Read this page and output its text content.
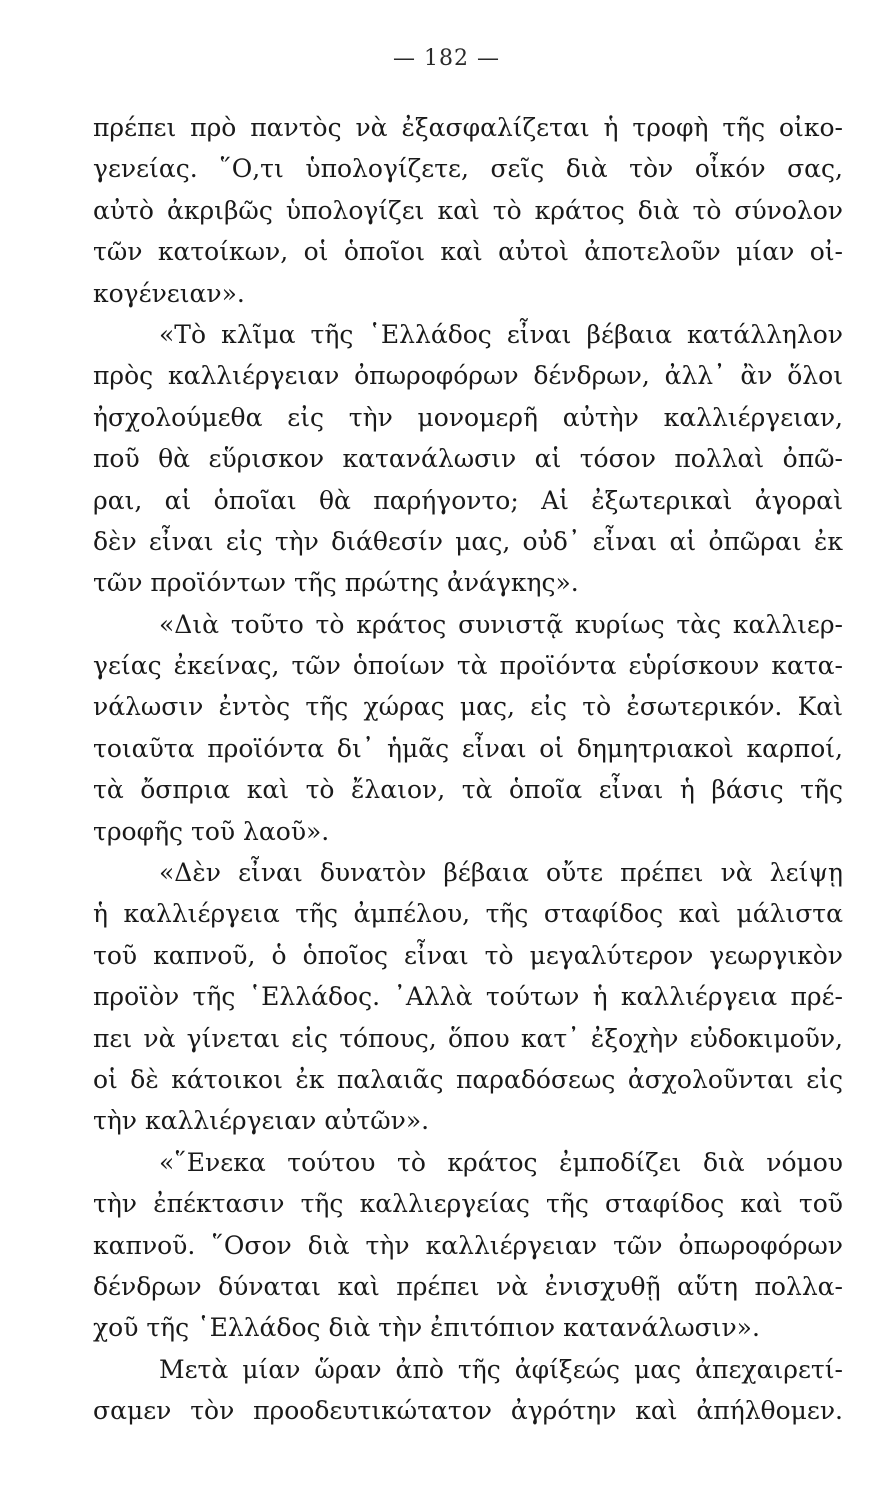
— 182 —
πρέπει πρὸ παντὸς νὰ ἐξασφαλίζεται ἡ τροφὴ τῆς οἰκο-
γενείας. ῞Ο,τι ὑπολογίζετε, σεῖς διὰ τὸν οἶκόν σας,
αὐτὸ ἀκριβῶς ὑπολογίζει καὶ τὸ κράτος διὰ τὸ σύνολον
τῶν κατοίκων, οἱ ὁποῖοι καὶ αὐτοὶ ἀποτελοῦν μίαν οἰ-
κογένειαν».
«Τὸ κλῖμα τῆς ῾Ελλάδος εἶναι βέβαια κατάλληλον
πρὸς καλλιέργειαν ὀπωροφόρων δένδρων, ἀλλ᾽ ἂν ὅλοι
ἠσχολούμεθα εἰς τὴν μονομερῆ αὐτὴν καλλιέργειαν,
ποῦ θὰ εὕρισκον κατανάλωσιν αἱ τόσον πολλαὶ ὀπῶ-
ραι, αἱ ὁποῖαι θὰ παρήγοντο; Αἱ ἐξωτερικαὶ ἀγοραὶ
δὲν εἶναι εἰς τὴν διάθεσίν μας, οὐδ᾽ εἶναι αἱ ὀπῶραι ἐκ
τῶν προϊόντων τῆς πρώτης ἀνάγκης».
«Διὰ τοῦτο τὸ κράτος συνιστᾷ κυρίως τὰς καλλιερ-
γείας ἐκείνας, τῶν ὁποίων τὰ προϊόντα εὑρίσκουν κατα-
νάλωσιν ἐντὸς τῆς χώρας μας, εἰς τὸ ἐσωτερικόν. Καὶ
τοιαῦτα προϊόντα δι᾽ ἡμᾶς εἶναι οἱ δημητριακοὶ καρποί,
τὰ ὄσπρια καὶ τὸ ἔλαιον, τὰ ὁποῖα εἶναι ἡ βάσις τῆς
τροφῆς τοῦ λαοῦ».
«Δὲν εἶναι δυνατὸν βέβαια οὔτε πρέπει νὰ λείψῃ
ἡ καλλιέργεια τῆς ἀμπέλου, τῆς σταφίδος καὶ μάλιστα
τοῦ καπνοῦ, ὁ ὁποῖος εἶναι τὸ μεγαλύτερον γεωργικὸν
προϊὸν τῆς ῾Ελλάδος. ᾿Αλλὰ τούτων ἡ καλλιέργεια πρέ-
πει νὰ γίνεται εἰς τόπους, ὅπου κατ᾽ ἐξοχὴν εὐδοκιμοῦν,
οἱ δὲ κάτοικοι ἐκ παλαιᾶς παραδόσεως ἀσχολοῦνται εἰς
τὴν καλλιέργειαν αὐτῶν».
«῞Ενεκα τούτου τὸ κράτος ἐμποδίζει διὰ νόμου
τὴν ἐπέκτασιν τῆς καλλιεργείας τῆς σταφίδος καὶ τοῦ
καπνοῦ. ῞Οσον διὰ τὴν καλλιέργειαν τῶν ὀπωροφόρων
δένδρων δύναται καὶ πρέπει νὰ ἐνισχυθῇ αὕτη πολλα-
χοῦ τῆς ῾Ελλάδος διὰ τὴν ἐπιτόπιον κατανάλωσιν».
Μετὰ μίαν ὥραν ἀπὸ τῆς ἀφίξεώς μας ἀπεχαιρετί-
σαμεν τὸν προοδευτικώτατον ἀγρότην καὶ ἀπήλθομεν.
